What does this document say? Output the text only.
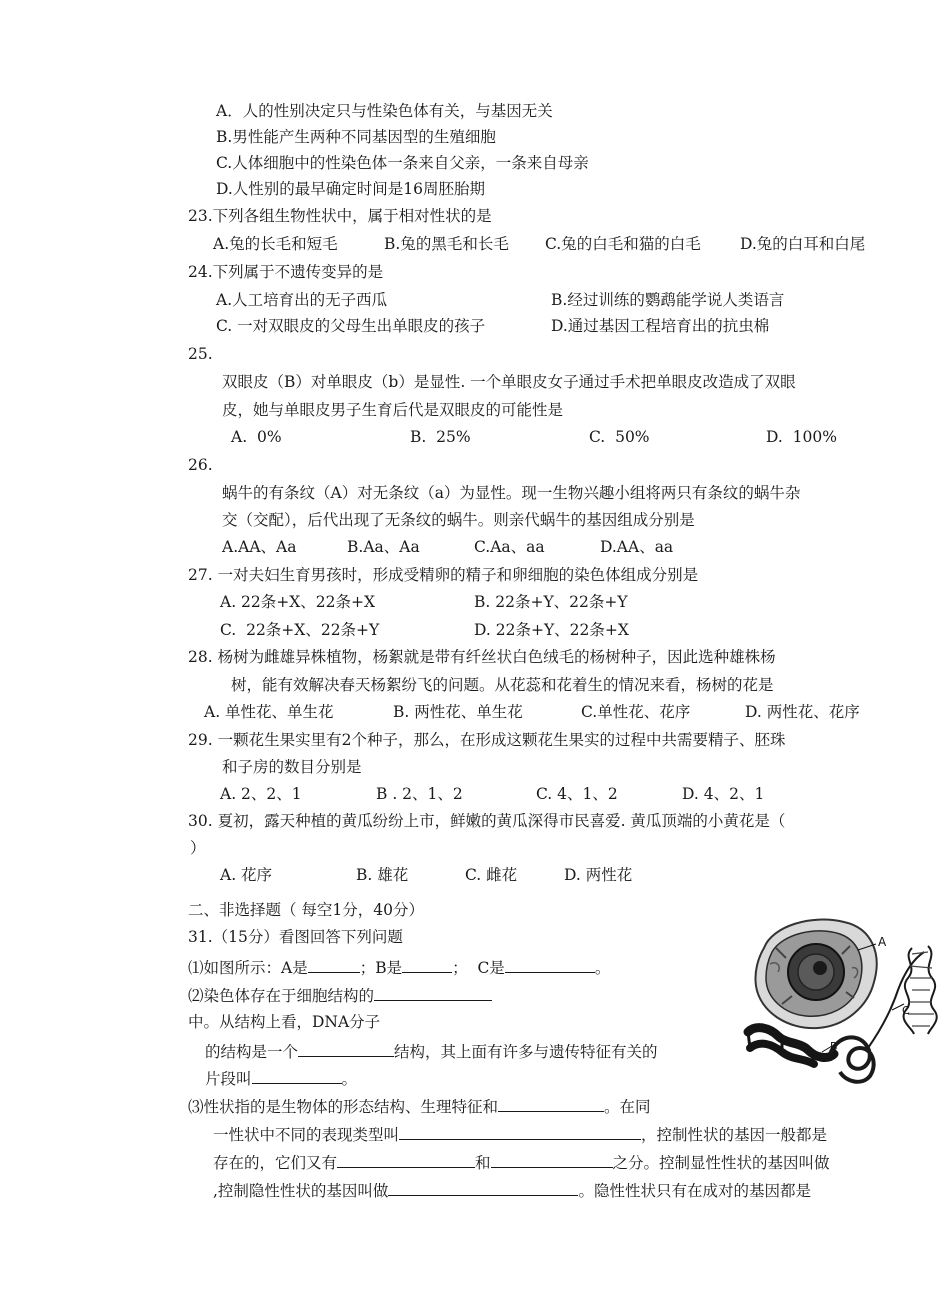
A．人的性别决定只与性染色体有关，与基因无关
B.男性能产生两种不同基因型的生殖细胞
C.人体细胞中的性染色体一条来自父亲，一条来自母亲
D.人性别的最早确定时间是16周胚胎期
23.下列各组生物性状中，属于相对性状的是
A.兔的长毛和短毛	B.兔的黑毛和长毛 C.兔的白毛和猫的白毛	D.兔的白耳和白尾
24.下列属于不遗传变异的是
A.人工培育出的无子西瓜	B.经过训练的鹦鹉能学说人类语言
C. 一对双眼皮的父母生出单眼皮的孩子	D.通过基因工程培育出的抗虫棉
25.
双眼皮（B）对单眼皮（b）是显性. 一个单眼皮女子通过手术把单眼皮改造成了双眼
皮，她与单眼皮男子生育后代是双眼皮的可能性是
A.  0%	B.  25%	C.  50%	D.  100%
26.
蜗牛的有条纹（A）对无条纹（a）为显性。现一生物兴趣小组将两只有条纹的蜗牛杂
交（交配），后代出现了无条纹的蜗牛。则亲代蜗牛的基因组成分别是
A.AA、Aa	B.Aa、Aa	C.Aa、aa	D.AA、aa
27. 一对夫妇生育男孩时，形成受精卵的精子和卵细胞的染色体组成分别是
A. 22条+X、22条+X	B. 22条+Y、22条+Y
C.  22条+X、22条+Y	D. 22条+Y、22条+X
28. 杨树为雌雄异株植物，杨絮就是带有纤丝状白色绒毛的杨树种子，因此选种雄株杨
树，能有效解决春天杨絮纷飞的问题。从花蕊和花着生的情况来看，杨树的花是
A. 单性花、单生花	B. 两性花、单生花	C.单性花、花序	D. 两性花、花序
29. 一颗花生果实里有2个种子，那么，在形成这颗花生果实的过程中共需要精子、胚珠
和子房的数目分别是
A. 2、2、1	B . 2、1、2	C. 4、1、2	D. 4、2、1
30. 夏初，露天种植的黄瓜纷纷上市，鲜嫩的黄瓜深得市民喜爱. 黄瓜顶端的小黄花是（
）
A. 花序	B. 雄花	C. 雌花	D. 两性花
二、非选择题（ 每空1分，40分）
31.（15分）看图回答下列问题
⑴如图所示：A是	；B是	；  C是	。
⑵染色体存在于细胞结构的
中。从结构上看，DNA分子
的结构是一个	结构，其上面有许多与遗传特征有关的
片段叫	。
⑶性状指的是生物体的形态结构、生理特征和	。在同
一性状中不同的表现类型叫	，控制性状的基因一般都是
存在的，它们又有	和	之分。控制显性性状的基因叫做
,控制隐性性状的基因叫做	。隐性性状只有在成对的基因都是
A
C
B
